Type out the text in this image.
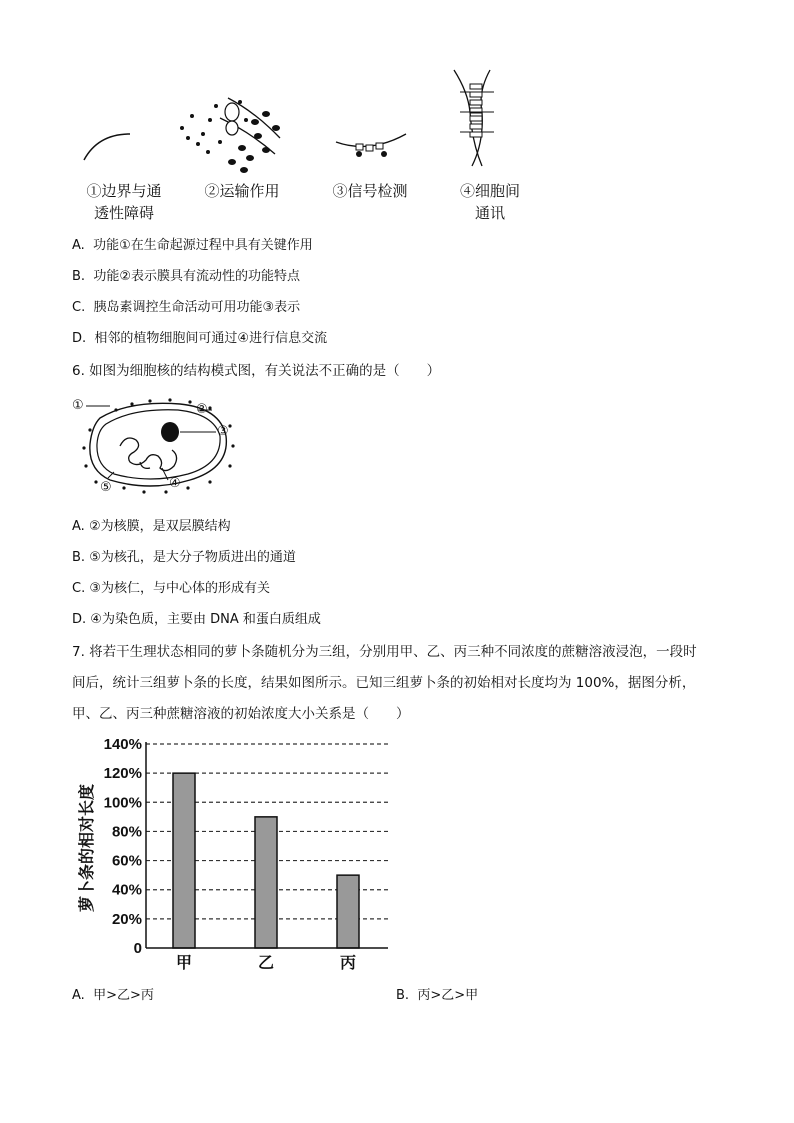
①边界与通
透性障碍
②运输作用	③信号检测	④细胞间
通讯
A. 功能①在生命起源过程中具有关键作用
B. 功能②表示膜具有流动性的功能特点
C. 胰岛素调控生命活动可用功能③表示
D. 相邻的植物细胞间可通过④进行信息交流
6. 如图为细胞核的结构模式图，有关说法不正确的是（　　）
①	②
③
④
⑤
A. ②为核膜，是双层膜结构
B. ⑤为核孔，是大分子物质进出的通道
C. ③为核仁，与中心体的形成有关
D. ④为染色质，主要由 DNA 和蛋白质组成
7. 将若干生理状态相同的萝卜条随机分为三组，分别用甲、乙、丙三种不同浓度的蔗糖溶液浸泡，一段时
间后，统计三组萝卜条的长度，结果如图所示。已知三组萝卜条的初始相对长度均为 100%，据图分析，
甲、乙、丙三种蔗糖溶液的初始浓度大小关系是（　　）
0
20%
40%
60%
80%
100%
120%
140%
甲	乙	丙
萝卜条的相对长度
A. 甲>乙>丙	B. 丙>乙>甲
